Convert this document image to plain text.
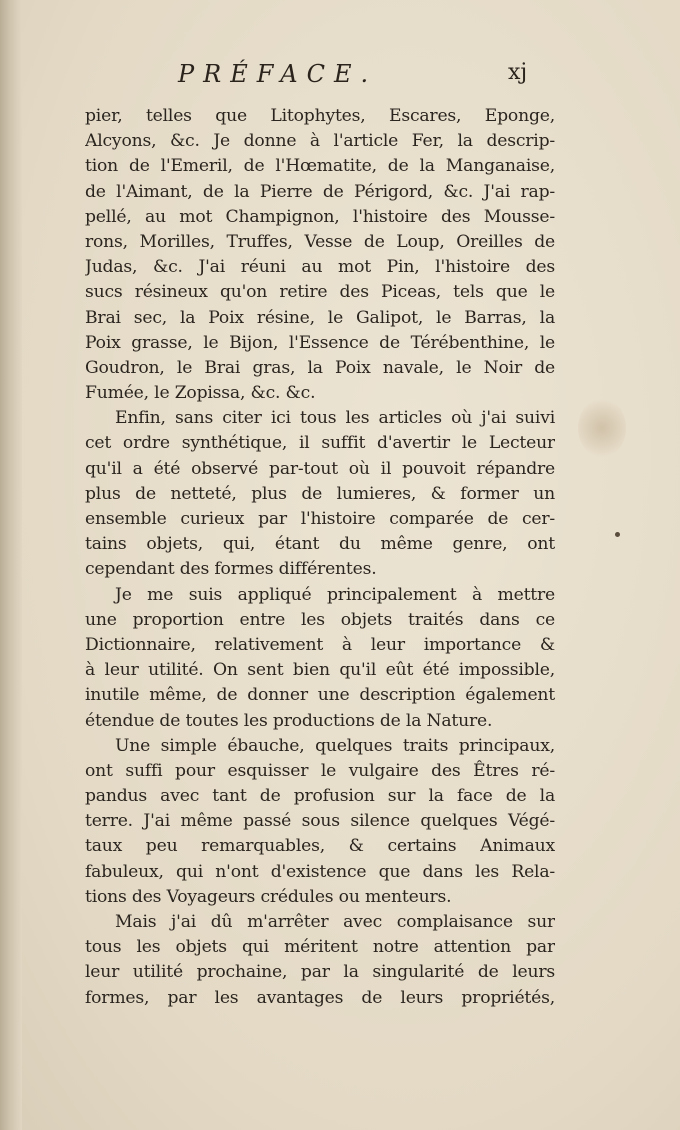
PRÉFACE.	xj
pier, telles que Litophytes, Escares, Eponge,
Alcyons, &c. Je donne à l'article Fer, la descrip-
tion de l'Emeril, de l'Hœmatite, de la Manganaise,
de l'Aimant, de la Pierre de Périgord, &c. J'ai rap-
pellé, au mot Champignon, l'histoire des Mousse-
rons, Morilles, Truffes, Vesse de Loup, Oreilles de
Judas, &c. J'ai réuni au mot Pin, l'histoire des
sucs résineux qu'on retire des Piceas, tels que le
Brai sec, la Poix résine, le Galipot, le Barras, la
Poix grasse, le Bijon, l'Essence de Térébenthine, le
Goudron, le Brai gras, la Poix navale, le Noir de
Fumée, le Zopissa, &c. &c.
Enfin, sans citer ici tous les articles où j'ai suivi
cet ordre synthétique, il suffit d'avertir le Lecteur
qu'il a été observé par-tout où il pouvoit répandre
plus de netteté, plus de lumieres, & former un
ensemble curieux par l'histoire comparée de cer-
tains objets, qui, étant du même genre, ont
cependant des formes différentes.
Je me suis appliqué principalement à mettre
une proportion entre les objets traités dans ce
Dictionnaire, relativement à leur importance &
à leur utilité. On sent bien qu'il eût été impossible,
inutile même, de donner une description également
étendue de toutes les productions de la Nature.
Une simple ébauche, quelques traits principaux,
ont suffi pour esquisser le vulgaire des Êtres ré-
pandus avec tant de profusion sur la face de la
terre. J'ai même passé sous silence quelques Végé-
taux peu remarquables, & certains Animaux
fabuleux, qui n'ont d'existence que dans les Rela-
tions des Voyageurs crédules ou menteurs.
Mais j'ai dû m'arrêter avec complaisance sur
tous les objets qui méritent notre attention par
leur utilité prochaine, par la singularité de leurs
formes, par les avantages de leurs propriétés,
